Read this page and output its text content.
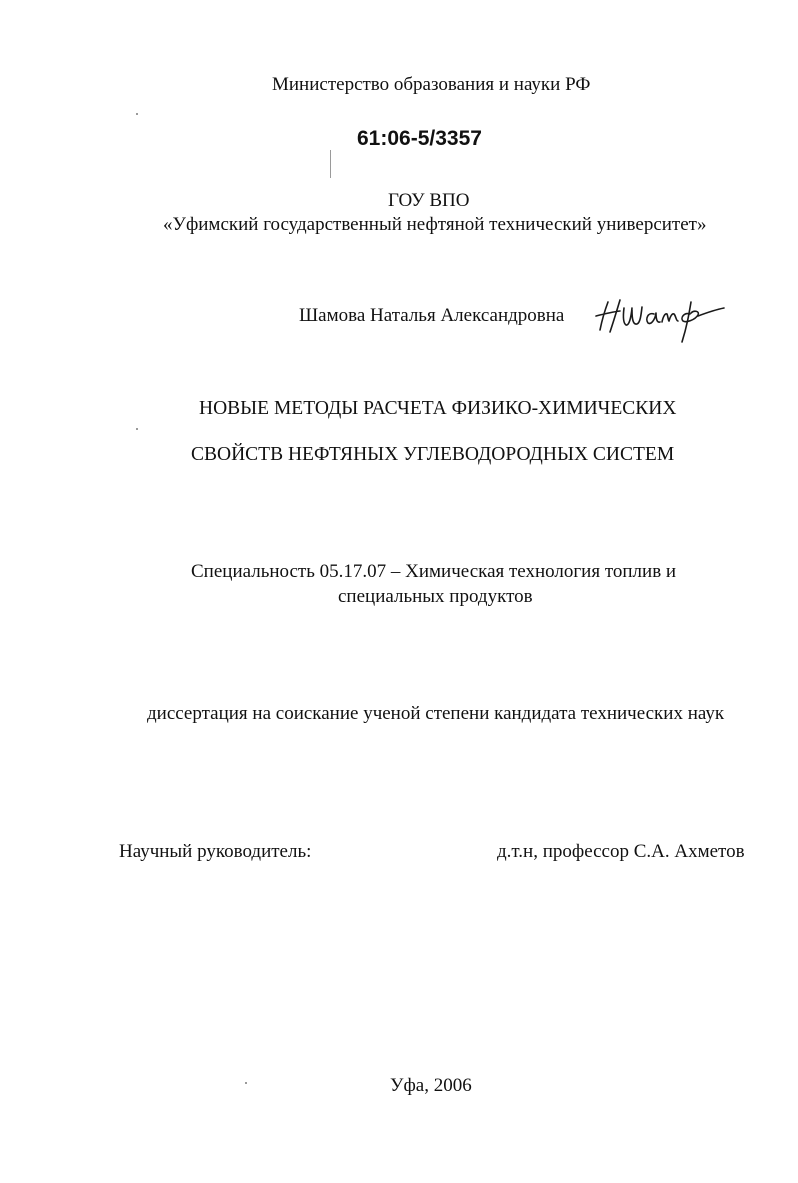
Министерство образования и науки РФ
61:06-5/3357
ГОУ ВПО
«Уфимский государственный нефтяной технический университет»
Шамова Наталья Александровна
НОВЫЕ МЕТОДЫ РАСЧЕТА ФИЗИКО-ХИМИЧЕСКИХ
СВОЙСТВ НЕФТЯНЫХ УГЛЕВОДОРОДНЫХ СИСТЕМ
Специальность 05.17.07 – Химическая технология топлив и
специальных продуктов
диссертация на соискание ученой степени кандидата технических наук
Научный руководитель:	д.т.н, профессор С.А. Ахметов
Уфа, 2006
